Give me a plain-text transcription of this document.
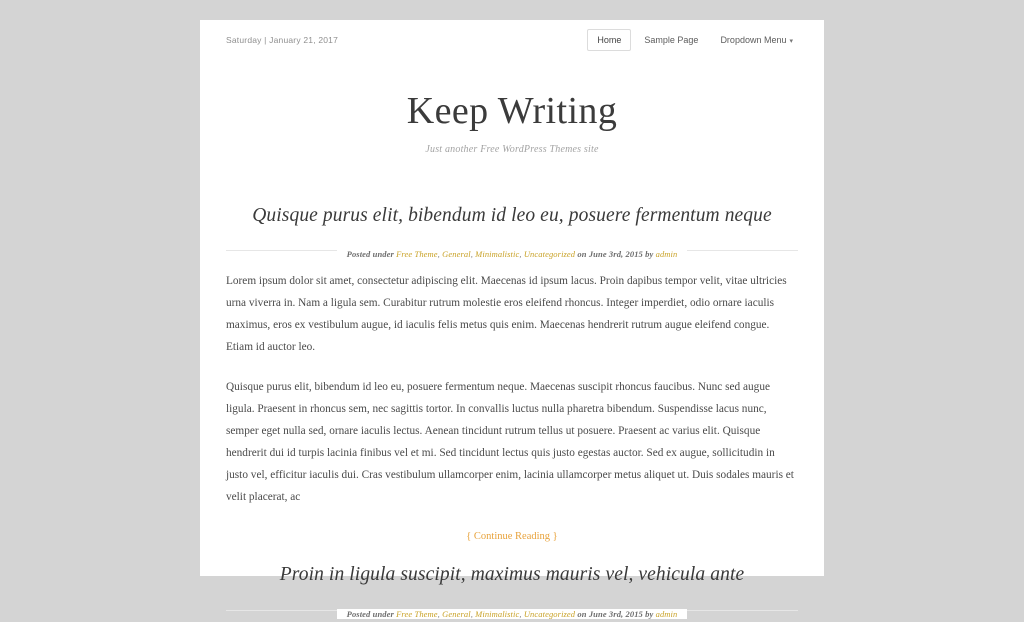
Saturday | January 21, 2017	Home	Sample Page	Dropdown Menu ▾
Keep Writing
Just another Free WordPress Themes site
Quisque purus elit, bibendum id leo eu, posuere fermentum neque
Posted under Free Theme, General, Minimalistic, Uncategorized on June 3rd, 2015 by admin

Lorem ipsum dolor sit amet, consectetur adipiscing elit. Maecenas id ipsum lacus. Proin dapibus tempor velit, vitae ultricies urna viverra in. Nam a ligula sem. Curabitur rutrum molestie eros eleifend rhoncus. Integer imperdiet, odio ornare iaculis maximus, eros ex vestibulum augue, id iaculis felis metus quis enim. Maecenas hendrerit rutrum augue eleifend congue. Etiam id auctor leo.

Quisque purus elit, bibendum id leo eu, posuere fermentum neque. Maecenas suscipit rhoncus faucibus. Nunc sed augue ligula. Praesent in rhoncus sem, nec sagittis tortor. In convallis luctus nulla pharetra bibendum. Suspendisse lacus nunc, semper eget nulla sed, ornare iaculis lectus. Aenean tincidunt rutrum tellus ut posuere. Praesent ac varius elit. Quisque hendrerit dui id turpis lacinia finibus vel et mi. Sed tincidunt lectus quis justo egestas auctor. Sed ex augue, sollicitudin in justo vel, efficitur iaculis dui. Cras vestibulum ullamcorper enim, lacinia ullamcorper metus aliquet ut. Duis sodales mauris et velit placerat, ac

{ Continue Reading }
Proin in ligula suscipit, maximus mauris vel, vehicula ante
Posted under Free Theme, General, Minimalistic, Uncategorized on June 3rd, 2015 by admin
